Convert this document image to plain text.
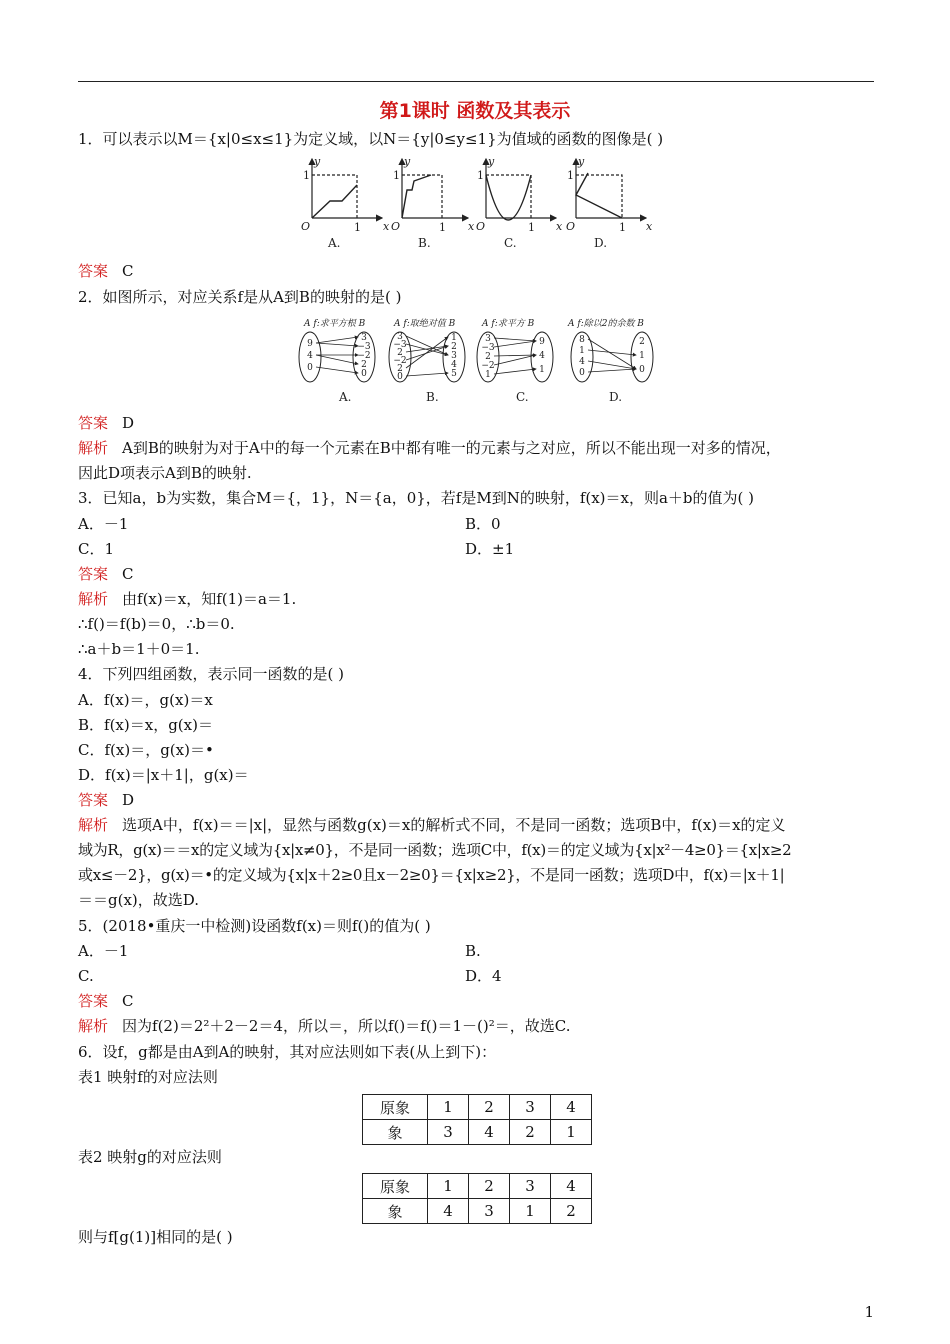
第1课时 函数及其表示
1．可以表示以M＝{x|0≤x≤1}为定义域，以N＝{y|0≤y≤1}为值域的函数的图像是( )
y
x
O
1
1
y
x
O
1
1
y
x
O
1
1
y
x
O
1
1
A.	B.	C.	D.
答案 C
2．如图所示，对应关系f是从A到B的映射的是( )
A f:求平方根 B	A f:取绝对值 B	A f:求平方 B	A f:除以2的余数 B
9
4
0
3
−3
−2
2
0
3
−3
2
−2
2
0
1
2
3
4
5
3
−3
2
−2
1
9
4
1
8
1
4
0
2
1
0
A.	B.	C.	D.
答案 D
解析 A到B的映射为对于A中的每一个元素在B中都有唯一的元素与之对应，所以不能出现一对多的情况，
因此D项表示A到B的映射.
3．已知a，b为实数，集合M＝{，1}，N＝{a，0}，若f是M到N的映射，f(x)＝x，则a＋b的值为( )
A．－1	B．0
C．1	D．±1
答案 C
解析 由f(x)＝x，知f(1)＝a＝1.
∴f()＝f(b)＝0，∴b＝0.
∴a＋b＝1＋0＝1.
4．下列四组函数，表示同一函数的是( )
A．f(x)＝，g(x)＝x
B．f(x)＝x，g(x)＝
C．f(x)＝，g(x)＝•
D．f(x)＝|x＋1|，g(x)＝
答案 D
解析 选项A中，f(x)＝＝|x|，显然与函数g(x)＝x的解析式不同，不是同一函数；选项B中，f(x)＝x的定义
域为R，g(x)＝＝x的定义域为{x|x≠0}，不是同一函数；选项C中，f(x)＝的定义域为{x|x²－4≥0}＝{x|x≥2
或x≤－2}，g(x)＝•的定义域为{x|x＋2≥0且x－2≥0}＝{x|x≥2}，不是同一函数；选项D中，f(x)＝|x＋1|
＝＝g(x)，故选D.
5．(2018•重庆一中检测)设函数f(x)＝则f()的值为( )
A．－1	B.
C.	D．4
答案 C
解析 因为f(2)＝2²＋2－2＝4，所以＝，所以f()＝f()＝1－()²＝，故选C.
6．设f，g都是由A到A的映射，其对应法则如下表(从上到下)：
表1 映射f的对应法则
原象	1	2	3	4
象	3	4	2	1
表2 映射g的对应法则
原象	1	2	3	4
象	4	3	1	2
则与f[g(1)]相同的是( )
1
